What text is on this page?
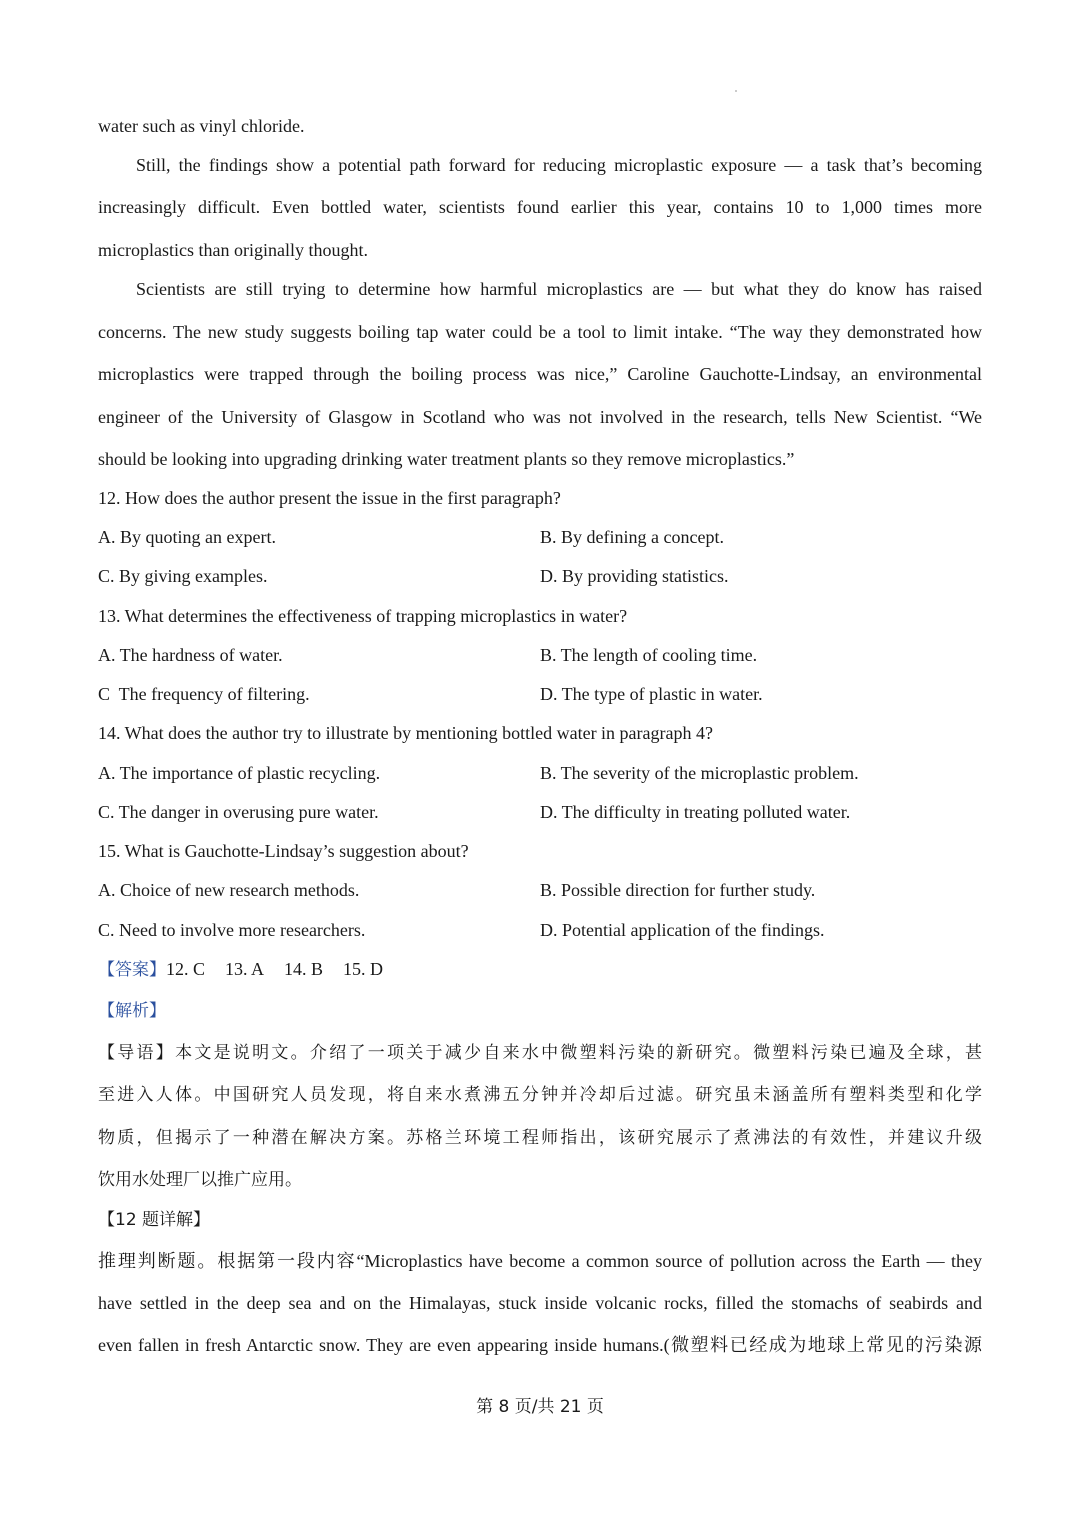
water such as vinyl chloride.
Still, the findings show a potential path forward for reducing microplastic exposure — a task that’s becoming
increasingly difficult. Even bottled water, scientists found earlier this year, contains 10 to 1,000 times more
microplastics than originally thought.
Scientists are still trying to determine how harmful microplastics are — but what they do know has raised
concerns. The new study suggests boiling tap water could be a tool to limit intake. “The way they demonstrated how
microplastics were trapped through the boiling process was nice,” Caroline Gauchotte-Lindsay, an environmental
engineer of the University of Glasgow in Scotland who was not involved in the research, tells New Scientist. “We
should be looking into upgrading drinking water treatment plants so they remove microplastics.”
12. How does the author present the issue in the first paragraph?
A. By quoting an expert.	B. By defining a concept.
C. By giving examples.	D. By providing statistics.
13. What determines the effectiveness of trapping microplastics in water?
A. The hardness of water.	B. The length of cooling time.
C  The frequency of filtering.	D. The type of plastic in water.
14. What does the author try to illustrate by mentioning bottled water in paragraph 4?
A. The importance of plastic recycling.	B. The severity of the microplastic problem.
C. The danger in overusing pure water.	D. The difficulty in treating polluted water.
15. What is Gauchotte-Lindsay’s suggestion about?
A. Choice of new research methods.	B. Possible direction for further study.
C. Need to involve more researchers.	D. Potential application of the findings.
【答案】12. C 13. A 14. B 15. D
【解析】
【导语】本文是说明文。介绍了一项关于减少自来水中微塑料污染的新研究。微塑料污染已遍及全球，甚
至进入人体。中国研究人员发现，将自来水煮沸五分钟并冷却后过滤。研究虽未涵盖所有塑料类型和化学
物质，但揭示了一种潜在解决方案。苏格兰环境工程师指出，该研究展示了煮沸法的有效性，并建议升级
饮用水处理厂以推广应用。
【12 题详解】
推理判断题。根据第一段内容“Microplastics have become a common source of pollution across the Earth — they
have settled in the deep sea and on the Himalayas, stuck inside volcanic rocks, filled the stomachs of seabirds and
even fallen in fresh Antarctic snow. They are even appearing inside humans.(微塑料已经成为地球上常见的污染源
第 8 页/共 21 页
